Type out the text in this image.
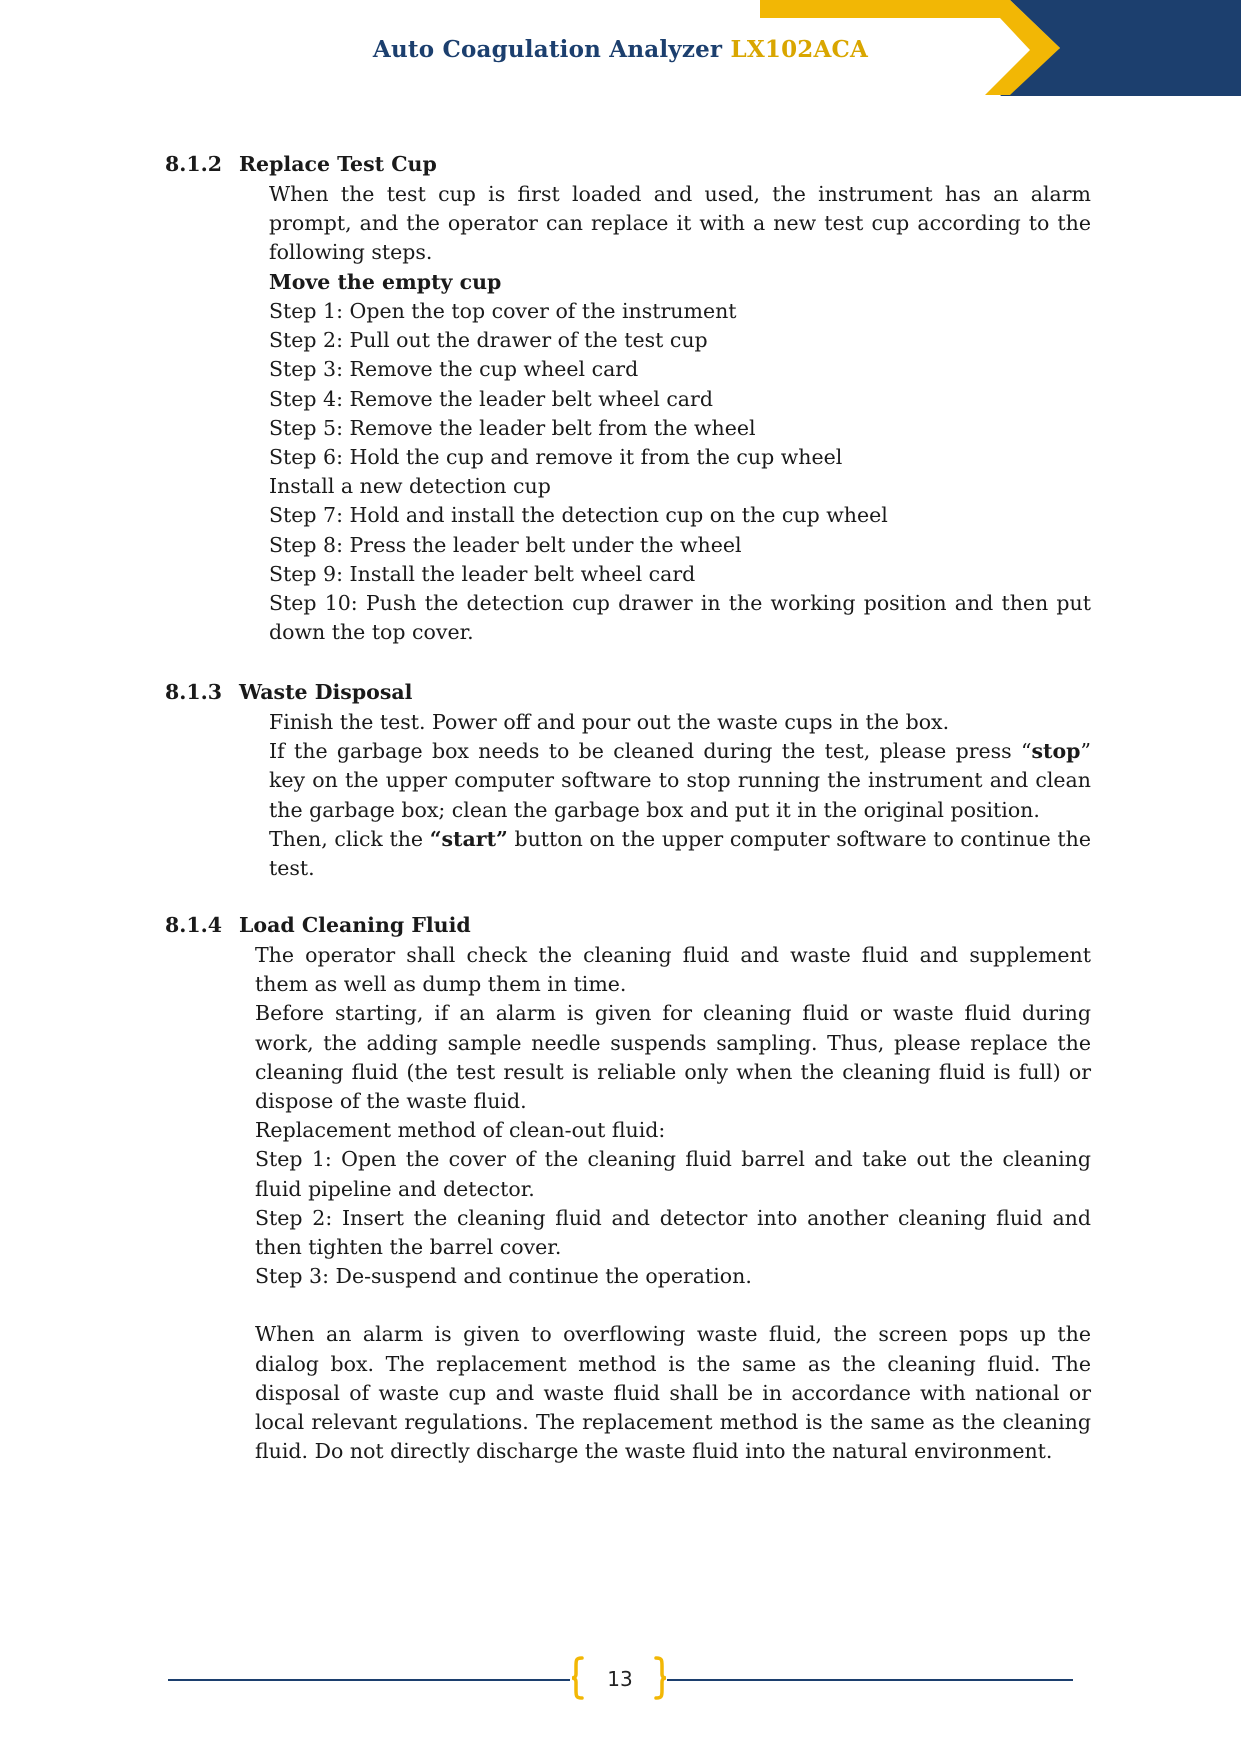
Auto Coagulation Analyzer LX102ACA
8.1.2 Replace Test Cup
When the test cup is first loaded and used, the instrument has an alarm prompt, and the operator can replace it with a new test cup according to the following steps.
Move the empty cup
Step 1: Open the top cover of the instrument
Step 2: Pull out the drawer of the test cup
Step 3: Remove the cup wheel card
Step 4: Remove the leader belt wheel card
Step 5: Remove the leader belt from the wheel
Step 6: Hold the cup and remove it from the cup wheel
Install a new detection cup
Step 7: Hold and install the detection cup on the cup wheel
Step 8: Press the leader belt under the wheel
Step 9: Install the leader belt wheel card
Step 10: Push the detection cup drawer in the working position and then put down the top cover.
8.1.3 Waste Disposal
Finish the test. Power off and pour out the waste cups in the box.
If the garbage box needs to be cleaned during the test, please press “stop” key on the upper computer software to stop running the instrument and clean the garbage box; clean the garbage box and put it in the original position.
Then, click the “start” button on the upper computer software to continue the test.
8.1.4 Load Cleaning Fluid
The operator shall check the cleaning fluid and waste fluid and supplement them as well as dump them in time.
Before starting, if an alarm is given for cleaning fluid or waste fluid during work, the adding sample needle suspends sampling. Thus, please replace the cleaning fluid (the test result is reliable only when the cleaning fluid is full) or dispose of the waste fluid.
Replacement method of clean-out fluid:
Step 1: Open the cover of the cleaning fluid barrel and take out the cleaning fluid pipeline and detector.
Step 2: Insert the cleaning fluid and detector into another cleaning fluid and then tighten the barrel cover.
Step 3: De-suspend and continue the operation.
When an alarm is given to overflowing waste fluid, the screen pops up the dialog box. The replacement method is the same as the cleaning fluid. The disposal of waste cup and waste fluid shall be in accordance with national or local relevant regulations. The replacement method is the same as the cleaning fluid. Do not directly discharge the waste fluid into the natural environment.
13
